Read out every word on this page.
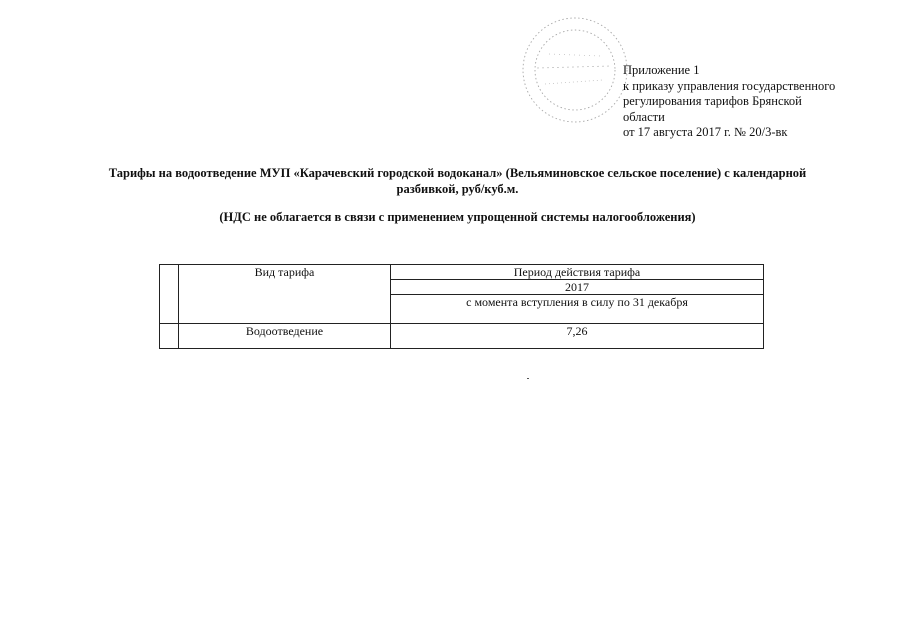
Приложение 1
к приказу управления государственного
регулирования тарифов Брянской
области
от 17 августа 2017 г. № 20/3-вк
Тарифы на водоотведение МУП «Карачевский городской водоканал» (Вельяминовское сельское поселение) с календарной
разбивкой, руб/куб.м.
(НДС не облагается в связи с применением упрощенной системы налогообложения)
	Вид тарифа	Период действия тарифа
		2017
		с момента вступления в силу по 31 декабря
	Водоотведение	7,26
